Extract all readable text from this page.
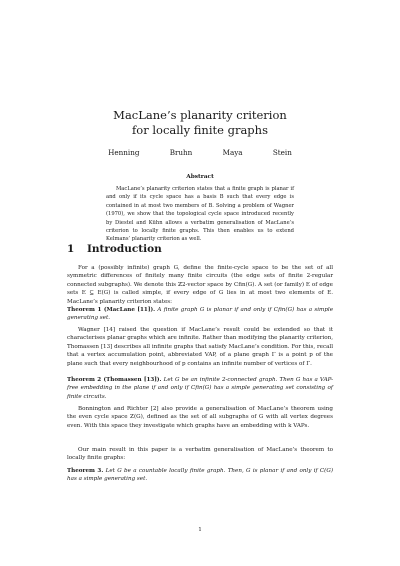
MacLane’s planarity criterion
for locally finite graphs
Henning Bruhn Maya Stein
Abstract

MacLane’s planarity criterion states that a finite graph is planar if and only if its cycle space has a basis B such that every edge is contained in at most two members of B. Solving a problem of Wagner (1970), we show that the topological cycle space introduced recently by Diestel and Kühn allows a verbatim generalisation of MacLane’s criterion to locally finite graphs. This then enables us to extend Kelmans’ planarity criterion as well.

1 Introduction

For a (possibly infinite) graph G, define the finite-cycle space to be the set of all symmetric differences of finitely many finite circuits (the edge sets of finite 2-regular connected subgraphs). We denote this ℤ2-vector space by Cfin(G). A set (or family) E of edge sets E ⊆ E(G) is called simple, if every edge of G lies in at most two elements of E. MacLane’s planarity criterion states:

Theorem 1 (MacLane [11]). A finite graph G is planar if and only if Cfin(G) has a simple generating set.

Wagner [14] raised the question if MacLane’s result could be extended so that it characterises planar graphs which are infinite. Rather than modifying the planarity criterion, Thomassen [13] describes all infinite graphs that satisfy MacLane’s condition. For this, recall that a vertex accumulation point, abbreviated VAP, of a plane graph Γ is a point p of the plane such that every neighbourhood of p contains an infinite number of vertices of Γ.

Theorem 2 (Thomassen [13]). Let G be an infinite 2-connected graph. Then G has a VAP-free embedding in the plane if and only if Cfin(G) has a simple generating set consisting of finite circuits.

Bonnington and Richter [2] also provide a generalisation of MacLane’s theorem using the even cycle space Z(G), defined as the set of all subgraphs of G with all vertex degrees even. With this space they investigate which graphs have an embedding with k VAPs.

Our main result in this paper is a verbatim generalisation of MacLane’s theorem to locally finite graphs:

Theorem 3. Let G be a countable locally finite graph. Then, G is planar if and only if C(G) has a simple generating set.

1
